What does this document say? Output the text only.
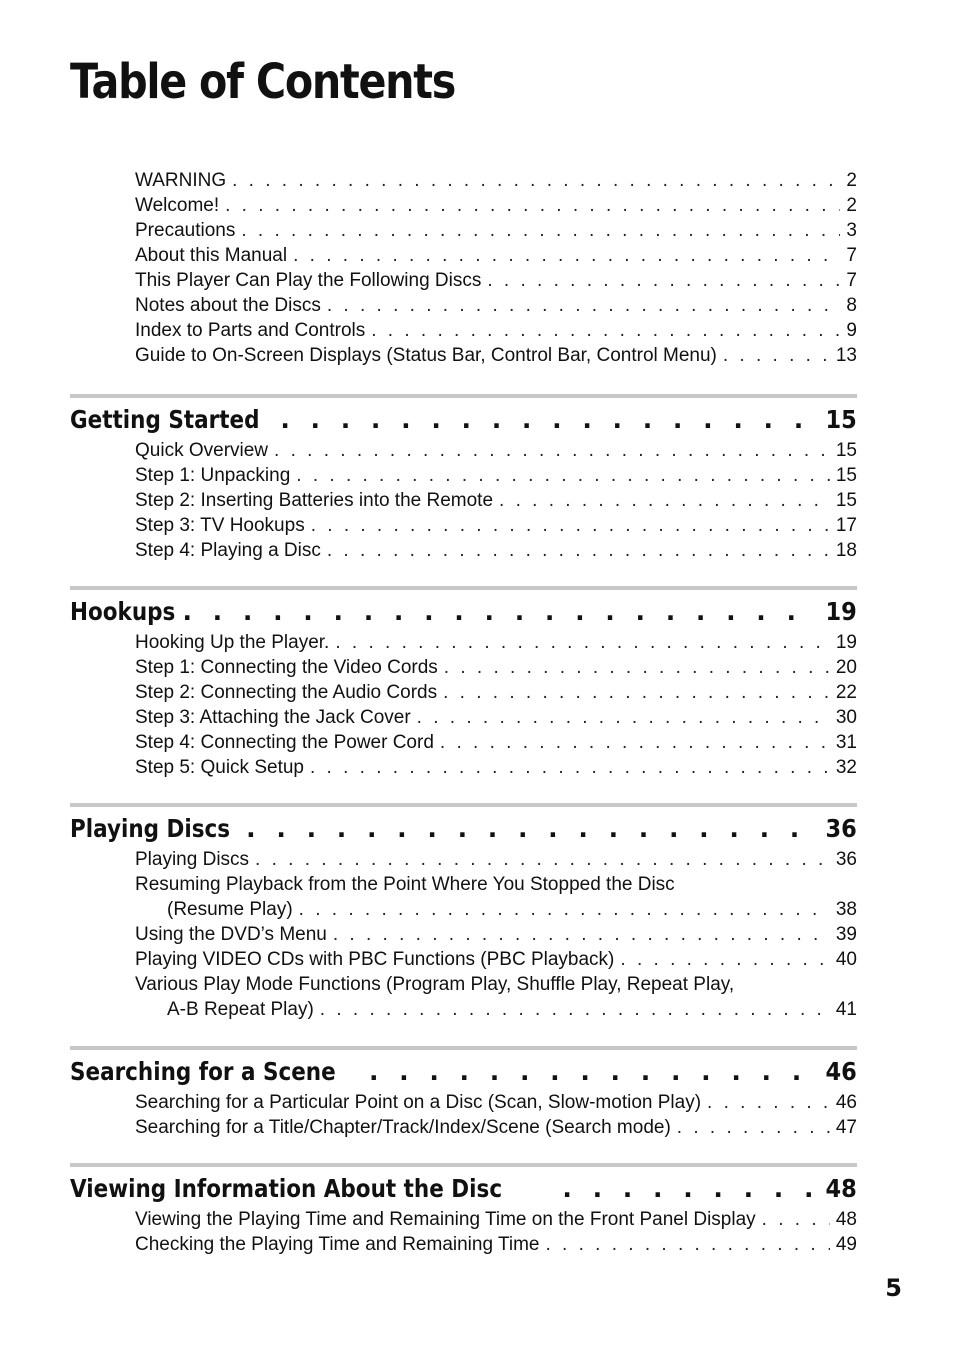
Table of Contents
WARNING . . .	2
Welcome! . . .	2
Precautions . . .	3
About this Manual . . .	7
This Player Can Play the Following Discs . . .	7
Notes about the Discs . . .	8
Index to Parts and Controls . . .	9
Guide to On-Screen Displays (Status Bar, Control Bar, Control Menu) . . .	13
Getting Started . . .	15
Quick Overview . . .	15
Step 1: Unpacking . . .	15
Step 2: Inserting Batteries into the Remote . . .	15
Step 3: TV Hookups . . .	17
Step 4: Playing a Disc . . .	18
Hookups . . .	19
Hooking Up the Player. . . .	19
Step 1: Connecting the Video Cords . . .	20
Step 2: Connecting the Audio Cords . . .	22
Step 3: Attaching the Jack Cover . . .	30
Step 4: Connecting the Power Cord . . .	31
Step 5: Quick Setup . . .	32
Playing Discs . . .	36
Playing Discs . . .	36
Resuming Playback from the Point Where You Stopped the Disc
(Resume Play) . . .	38
Using the DVD’s Menu . . .	39
Playing VIDEO CDs with PBC Functions (PBC Playback) . . .	40
Various Play Mode Functions (Program Play, Shuffle Play, Repeat Play,
A-B Repeat Play) . . .	41
Searching for a Scene . . .	46
Searching for a Particular Point on a Disc (Scan, Slow-motion Play) . . .	46
Searching for a Title/Chapter/Track/Index/Scene (Search mode) . . .	47
Viewing Information About the Disc . . .	48
Viewing the Playing Time and Remaining Time on the Front Panel Display . . .	48
Checking the Playing Time and Remaining Time . . .	49
5
